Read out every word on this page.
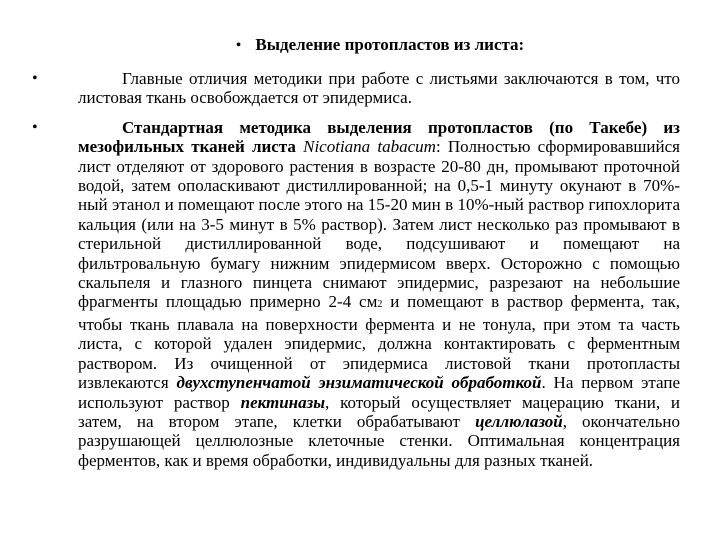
• Выделение протопластов из листа:
•	Главные отличия методики при работе с листьями заключаются в том, что листовая ткань освобождается от эпидермиса.
•	Стандартная методика выделения протопластов (по Такебе) из мезофильных тканей листа Nicotiana tabacum: Полностью сформировавшийся лист отделяют от здорового растения в возрасте 20-80 дн, промывают проточной водой, затем ополаскивают дистиллированной; на 0,5-1 минуту окунают в 70%-ный этанол и помещают после этого на 15-20 мин в 10%-ный раствор гипохлорита кальция (или на 3-5 минут в 5% раствор). Затем лист несколько раз промывают в стерильной дистиллированной воде, подсушивают и помещают на фильтровальную бумагу нижним эпидермисом вверх. Осторожно с помощью скальпеля и глазного пинцета снимают эпидермис, разрезают на небольшие фрагменты площадью примерно 2-4 см2 и помещают в раствор фермента, так, чтобы ткань плавала на поверхности фермента и не тонула, при этом та часть листа, с которой удален эпидермис, должна контактировать с ферментным раствором. Из очищенной от эпидермиса листовой ткани протопласты извлекаются двухступенчатой энзиматической обработкой. На первом этапе используют раствор пектиназы, который осуществляет мацерацию ткани, и затем, на втором этапе, клетки обрабатывают целлюлазой, окончательно разрушающей целлюлозные клеточные стенки. Оптимальная концентрация ферментов, как и время обработки, индивидуальны для разных тканей.
